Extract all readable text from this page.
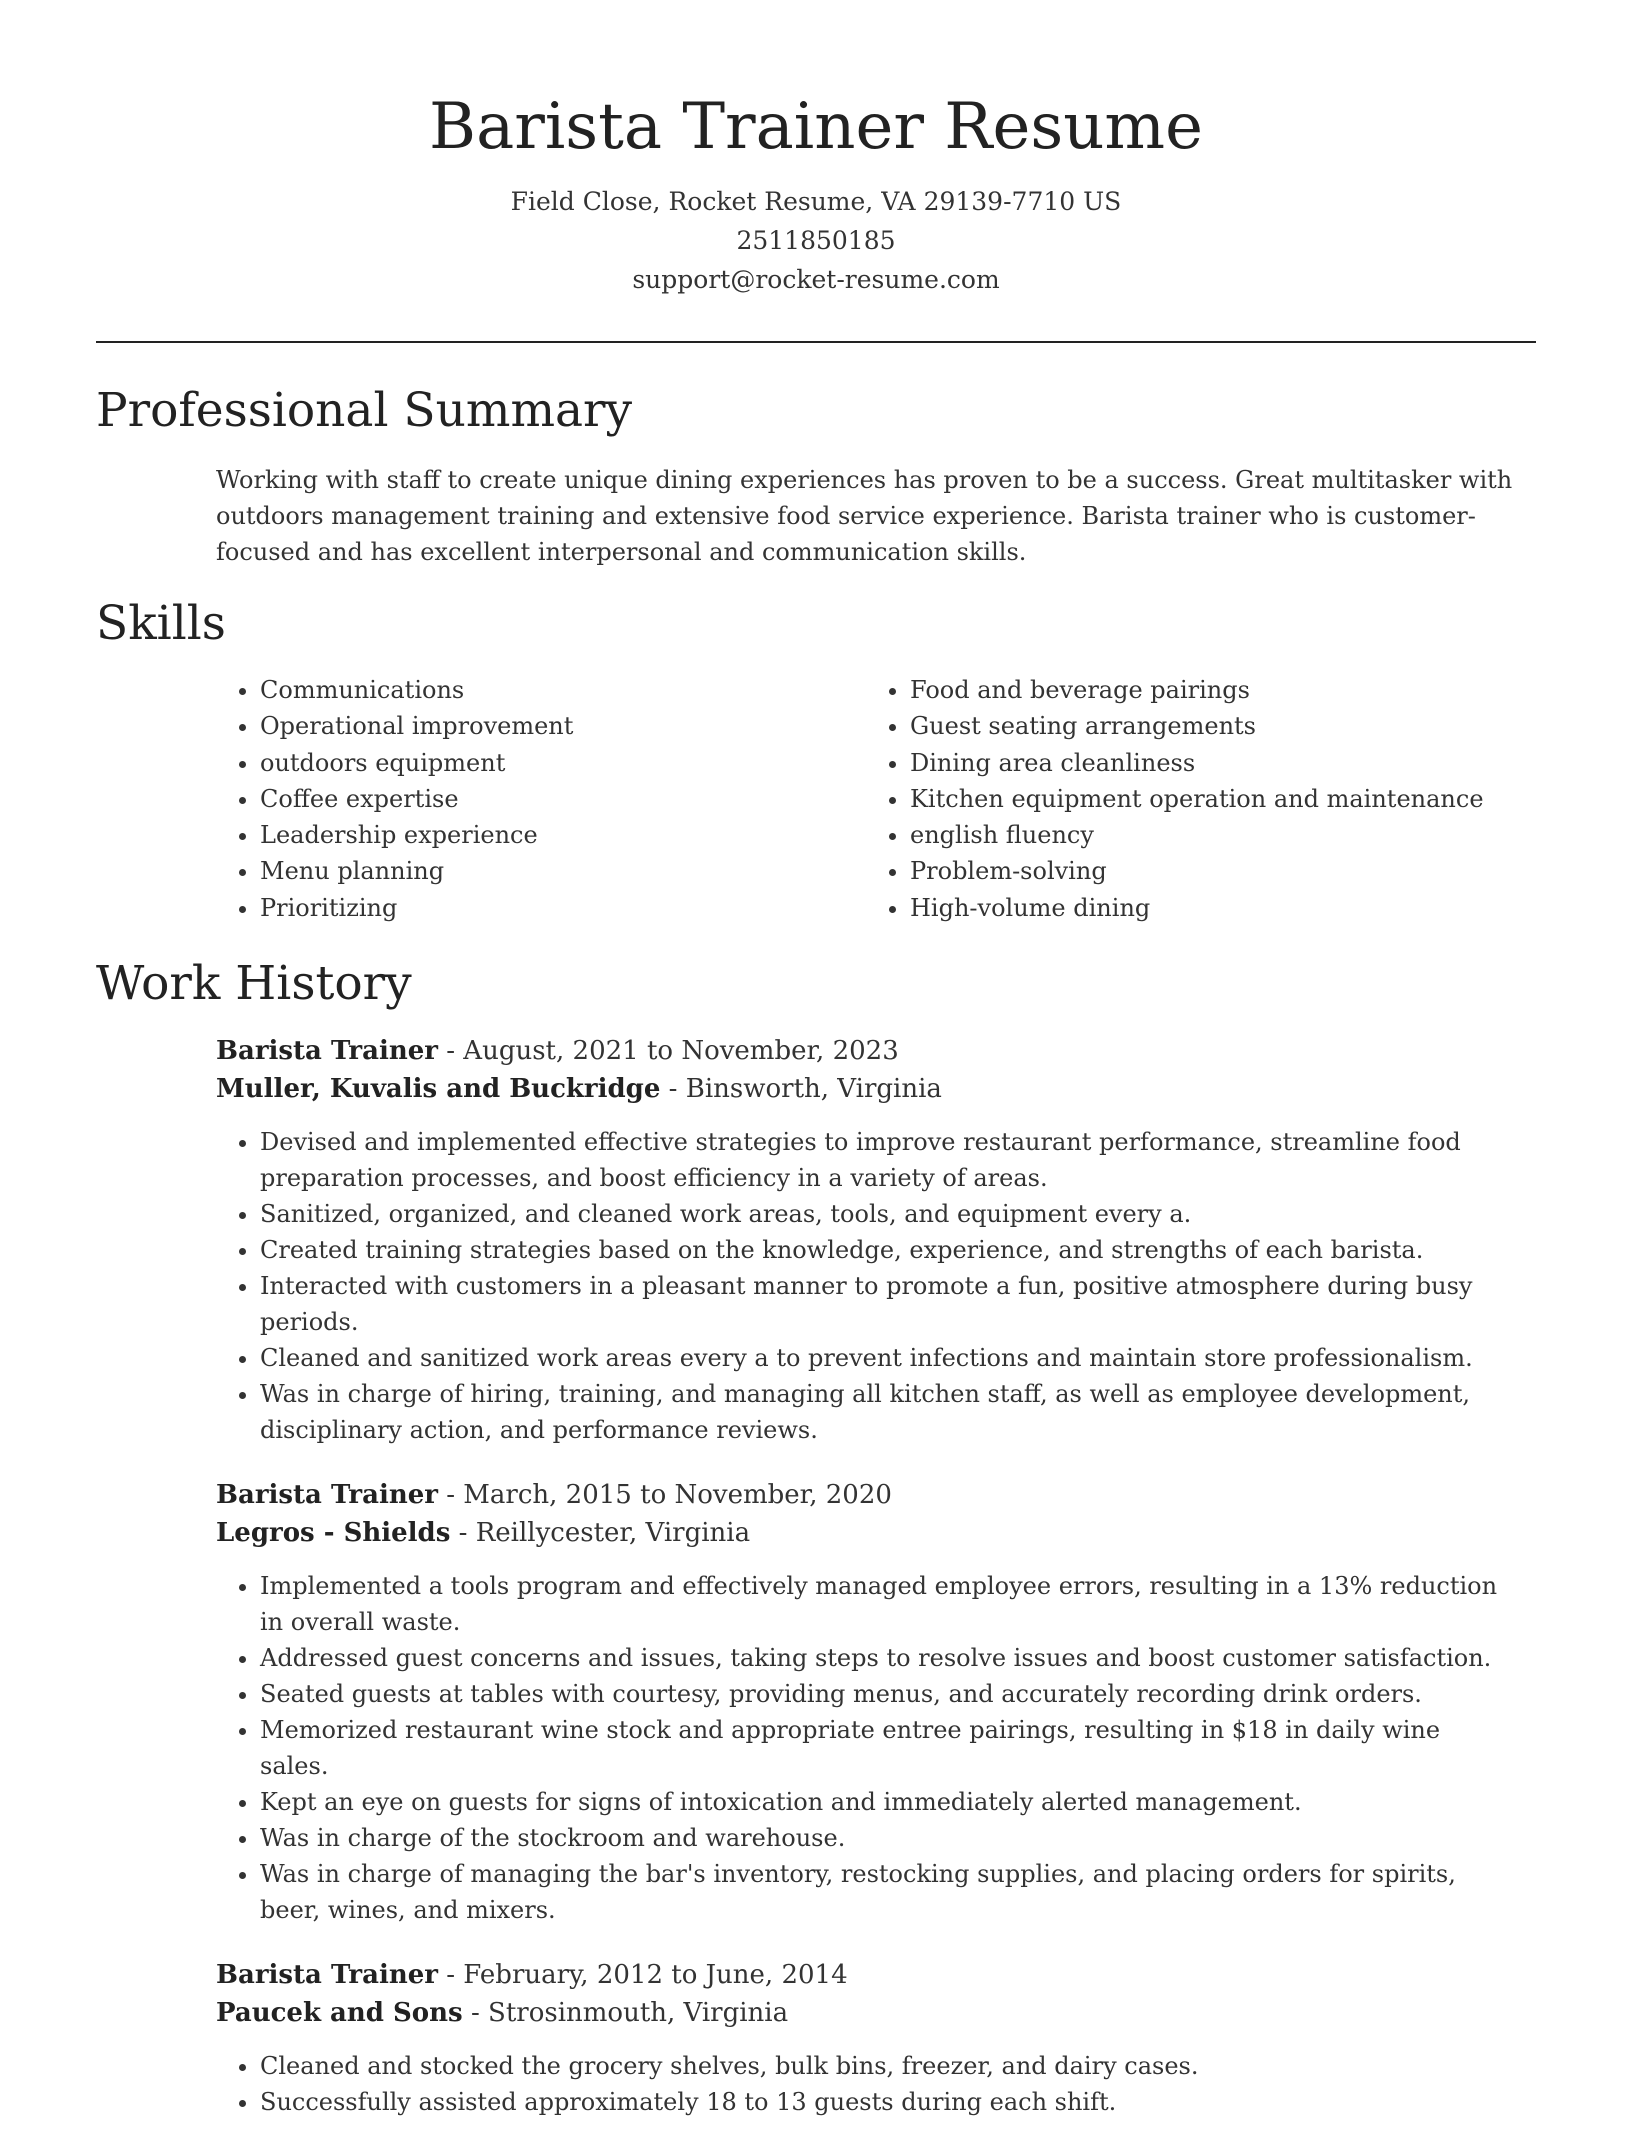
Barista Trainer Resume
Field Close, Rocket Resume, VA 29139-7710 US
2511850185
support@rocket-resume.com
Professional Summary
Working with staff to create unique dining experiences has proven to be a success. Great multitasker with outdoors management training and extensive food service experience. Barista trainer who is customer-focused and has excellent interpersonal and communication skills.
Skills
• Communications
• Operational improvement
• outdoors equipment
• Coffee expertise
• Leadership experience
• Menu planning
• Prioritizing
• Food and beverage pairings
• Guest seating arrangements
• Dining area cleanliness
• Kitchen equipment operation and maintenance
• english fluency
• Problem-solving
• High-volume dining
Work History
Barista Trainer - August, 2021 to November, 2023
Muller, Kuvalis and Buckridge - Binsworth, Virginia
• Devised and implemented effective strategies to improve restaurant performance, streamline food preparation processes, and boost efficiency in a variety of areas.
• Sanitized, organized, and cleaned work areas, tools, and equipment every a.
• Created training strategies based on the knowledge, experience, and strengths of each barista.
• Interacted with customers in a pleasant manner to promote a fun, positive atmosphere during busy periods.
• Cleaned and sanitized work areas every a to prevent infections and maintain store professionalism.
• Was in charge of hiring, training, and managing all kitchen staff, as well as employee development, disciplinary action, and performance reviews.
Barista Trainer - March, 2015 to November, 2020
Legros - Shields - Reillycester, Virginia
• Implemented a tools program and effectively managed employee errors, resulting in a 13% reduction in overall waste.
• Addressed guest concerns and issues, taking steps to resolve issues and boost customer satisfaction.
• Seated guests at tables with courtesy, providing menus, and accurately recording drink orders.
• Memorized restaurant wine stock and appropriate entree pairings, resulting in $18 in daily wine sales.
• Kept an eye on guests for signs of intoxication and immediately alerted management.
• Was in charge of the stockroom and warehouse.
• Was in charge of managing the bar's inventory, restocking supplies, and placing orders for spirits, beer, wines, and mixers.
Barista Trainer - February, 2012 to June, 2014
Paucek and Sons - Strosinmouth, Virginia
• Cleaned and stocked the grocery shelves, bulk bins, freezer, and dairy cases.
• Successfully assisted approximately 18 to 13 guests during each shift.
